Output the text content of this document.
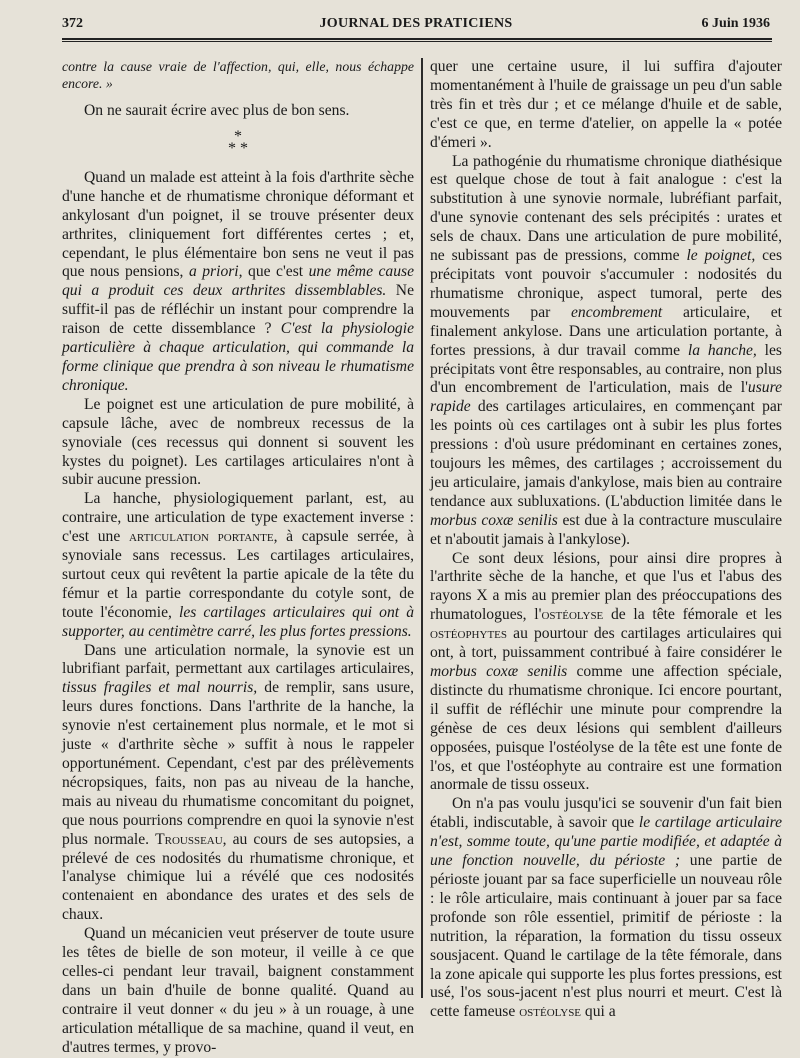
372	JOURNAL DES PRATICIENS	6 Juin 1936

contre la cause vraie de l'affection, qui, elle, nous échappe encore. »

On ne saurait écrire avec plus de bon sens.

*
* *

Quand un malade est atteint à la fois d'arthrite sèche d'une hanche et de rhumatisme chronique déformant et ankylosant d'un poignet, il se trouve présenter deux arthrites, cliniquement fort différentes certes ; et, cependant, le plus élémentaire bon sens ne veut il pas que nous pensions, a priori, que c'est une même cause qui a produit ces deux arthrites dissemblables. Ne suffit-il pas de réfléchir un instant pour comprendre la raison de cette dissemblance ? C'est la physiologie particulière à chaque articulation, qui commande la forme clinique que prendra à son niveau le rhumatisme chronique.

Le poignet est une articulation de pure mobilité, à capsule lâche, avec de nombreux recessus de la synoviale (ces recessus qui donnent si souvent les kystes du poignet). Les cartilages articulaires n'ont à subir aucune pression.

La hanche, physiologiquement parlant, est, au contraire, une articulation de type exactement inverse : c'est une articulation portante, à capsule serrée, à synoviale sans recessus. Les cartilages articulaires, surtout ceux qui revêtent la partie apicale de la tête du fémur et la partie correspondante du cotyle sont, de toute l'économie, les cartilages articulaires qui ont à supporter, au centimètre carré, les plus fortes pressions.

Dans une articulation normale, la synovie est un lubrifiant parfait, permettant aux cartilages articulaires, tissus fragiles et mal nourris, de remplir, sans usure, leurs dures fonctions. Dans l'arthrite de la hanche, la synovie n'est certainement plus normale, et le mot si juste « d'arthrite sèche » suffit à nous le rappeler opportunément. Cependant, c'est par des prélèvements nécropsiques, faits, non pas au niveau de la hanche, mais au niveau du rhumatisme concomitant du poignet, que nous pourrions comprendre en quoi la synovie n'est plus normale. Trousseau, au cours de ses autopsies, a prélevé de ces nodosités du rhumatisme chronique, et l'analyse chimique lui a révélé que ces nodosités contenaient en abondance des urates et des sels de chaux.

Quand un mécanicien veut préserver de toute usure les têtes de bielle de son moteur, il veille à ce que celles-ci pendant leur travail, baignent constamment dans un bain d'huile de bonne qualité. Quand au contraire il veut donner « du jeu » à un rouage, à une articulation métallique de sa machine, quand il veut, en d'autres termes, y provo-

quer une certaine usure, il lui suffira d'ajouter momentanément à l'huile de graissage un peu d'un sable très fin et très dur ; et ce mélange d'huile et de sable, c'est ce que, en terme d'atelier, on appelle la « potée d'émeri ».

La pathogénie du rhumatisme chronique diathésique est quelque chose de tout à fait analogue : c'est la substitution à une synovie normale, lubréfiant parfait, d'une synovie contenant des sels précipités : urates et sels de chaux. Dans une articulation de pure mobilité, ne subissant pas de pressions, comme le poignet, ces précipitats vont pouvoir s'accumuler : nodosités du rhumatisme chronique, aspect tumoral, perte des mouvements par encombrement articulaire, et finalement ankylose. Dans une articulation portante, à fortes pressions, à dur travail comme la hanche, les précipitats vont être responsables, au contraire, non plus d'un encombrement de l'articulation, mais de l'usure rapide des cartilages articulaires, en commençant par les points où ces cartilages ont à subir les plus fortes pressions : d'où usure prédominant en certaines zones, toujours les mêmes, des cartilages ; accroissement du jeu articulaire, jamais d'ankylose, mais bien au contraire tendance aux subluxations. (L'abduction limitée dans le morbus coxæ senilis est due à la contracture musculaire et n'aboutit jamais à l'ankylose).

Ce sont deux lésions, pour ainsi dire propres à l'arthrite sèche de la hanche, et que l'us et l'abus des rayons X a mis au premier plan des préoccupations des rhumatologues, l'ostéolyse de la tête fémorale et les ostéophytes au pourtour des cartilages articulaires qui ont, à tort, puissamment contribué à faire considérer le morbus coxæ senilis comme une affection spéciale, distincte du rhumatisme chronique. Ici encore pourtant, il suffit de réfléchir une minute pour comprendre la génèse de ces deux lésions qui semblent d'ailleurs opposées, puisque l'ostéolyse de la tête est une fonte de l'os, et que l'ostéophyte au contraire est une formation anormale de tissu osseux.

On n'a pas voulu jusqu'ici se souvenir d'un fait bien établi, indiscutable, à savoir que le cartilage articulaire n'est, somme toute, qu'une partie modifiée, et adaptée à une fonction nouvelle, du périoste ; une partie de périoste jouant par sa face superficielle un nouveau rôle : le rôle articulaire, mais continuant à jouer par sa face profonde son rôle essentiel, primitif de périoste : la nutrition, la réparation, la formation du tissu osseux sousjacent. Quand le cartilage de la tête fémorale, dans la zone apicale qui supporte les plus fortes pressions, est usé, l'os sous-jacent n'est plus nourri et meurt. C'est là cette fameuse ostéolyse qui a
